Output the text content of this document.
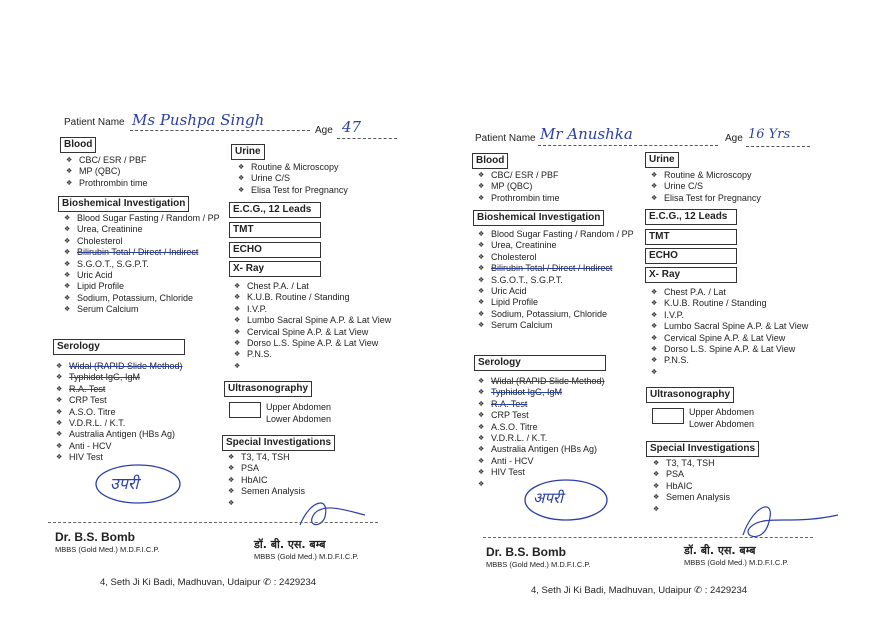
Patient Name Ms Pushpa Singh
Age 47
Blood
❖ CBC/ ESR / PBF
❖ MP (QBC)
❖ Prothrombin time
Bioshemical Investigation
❖ Blood Sugar Fasting / Random / PP
❖ Urea, Creatinine
❖ Cholesterol
❖ Bilirubin Total / Direct / Indirect
❖ S.G.O.T., S.G.P.T.
❖ Uric Acid
❖ Lipid Profile
❖ Sodium, Potassium, Chloride
❖ Serum Calcium
Serology
❖ Widal (RAPID Slide Method)
❖ Typhidot IgG, IgM
❖ R.A. Test
❖ CRP Test
❖ A.S.O. Titre
❖ V.D.R.L. / K.T.
❖ Australia Antigen (HBs Ag)
❖ Anti - HCV
❖ HIV Test
Urine
❖ Routine & Microscopy
❖ Urine C/S
❖ Elisa Test for Pregnancy
E.C.G., 12 Leads
TMT
ECHO
X- Ray
❖ Chest P.A. / Lat
❖ K.U.B. Routine / Standing
❖ I.V.P.
❖ Lumbo Sacral Spine A.P. & Lat View
❖ Cervical Spine A.P. & Lat View
❖ Dorso L.S. Spine A.P. & Lat View
❖ P.N.S.
❖
Ultrasonography
Upper Abdomen
Lower Abdomen
Special Investigations
❖ T3, T4, TSH
❖ PSA
❖ HbAIC
❖ Semen Analysis
❖
उपरी
Dr. B.S. Bomb
MBBS (Gold Med.) M.D.F.I.C.P.	डॉ. बी. एस. बम्ब
MBBS (Gold Med.) M.D.F.I.C.P.
4, Seth Ji Ki Badi, Madhuvan, Udaipur ✆ : 2429234
Patient Name Mr Anushka	Age 16 Yrs
Blood
❖ CBC/ ESR / PBF
❖ MP (QBC)
❖ Prothrombin time
Bioshemical Investigation
❖ Blood Sugar Fasting / Random / PP
❖ Urea, Creatinine
❖ Cholesterol
❖ Bilirubin Total / Direct / Indirect
❖ S.G.O.T., S.G.P.T.
❖ Uric Acid
❖ Lipid Profile
❖ Sodium, Potassium, Chloride
❖ Serum Calcium
Serology
❖ Widal (RAPID Slide Method)
❖ Typhidot IgG, IgM
❖ R.A. Test
❖ CRP Test
❖ A.S.O. Titre
❖ V.D.R.L. / K.T.
❖ Australia Antigen (HBs Ag)
❖ Anti - HCV
❖ HIV Test
❖
Urine
❖ Routine & Microscopy
❖ Urine C/S
❖ Elisa Test for Pregnancy
E.C.G., 12 Leads
TMT
ECHO
X- Ray
❖ Chest P.A. / Lat
❖ K.U.B. Routine / Standing
❖ I.V.P.
❖ Lumbo Sacral Spine A.P. & Lat View
❖ Cervical Spine A.P. & Lat View
❖ Dorso L.S. Spine A.P. & Lat View
❖ P.N.S.
❖
Ultrasonography
Upper Abdomen
Lower Abdomen
Special Investigations
❖ T3, T4, TSH
❖ PSA
❖ HbAIC
❖ Semen Analysis
❖
अपरी
Dr. B.S. Bomb
MBBS (Gold Med.) M.D.F.I.C.P.
डॉ. बी. एस. बम्ब
MBBS (Gold Med.) M.D.F.I.C.P.
4, Seth Ji Ki Badi, Madhuvan, Udaipur ✆ : 2429234
